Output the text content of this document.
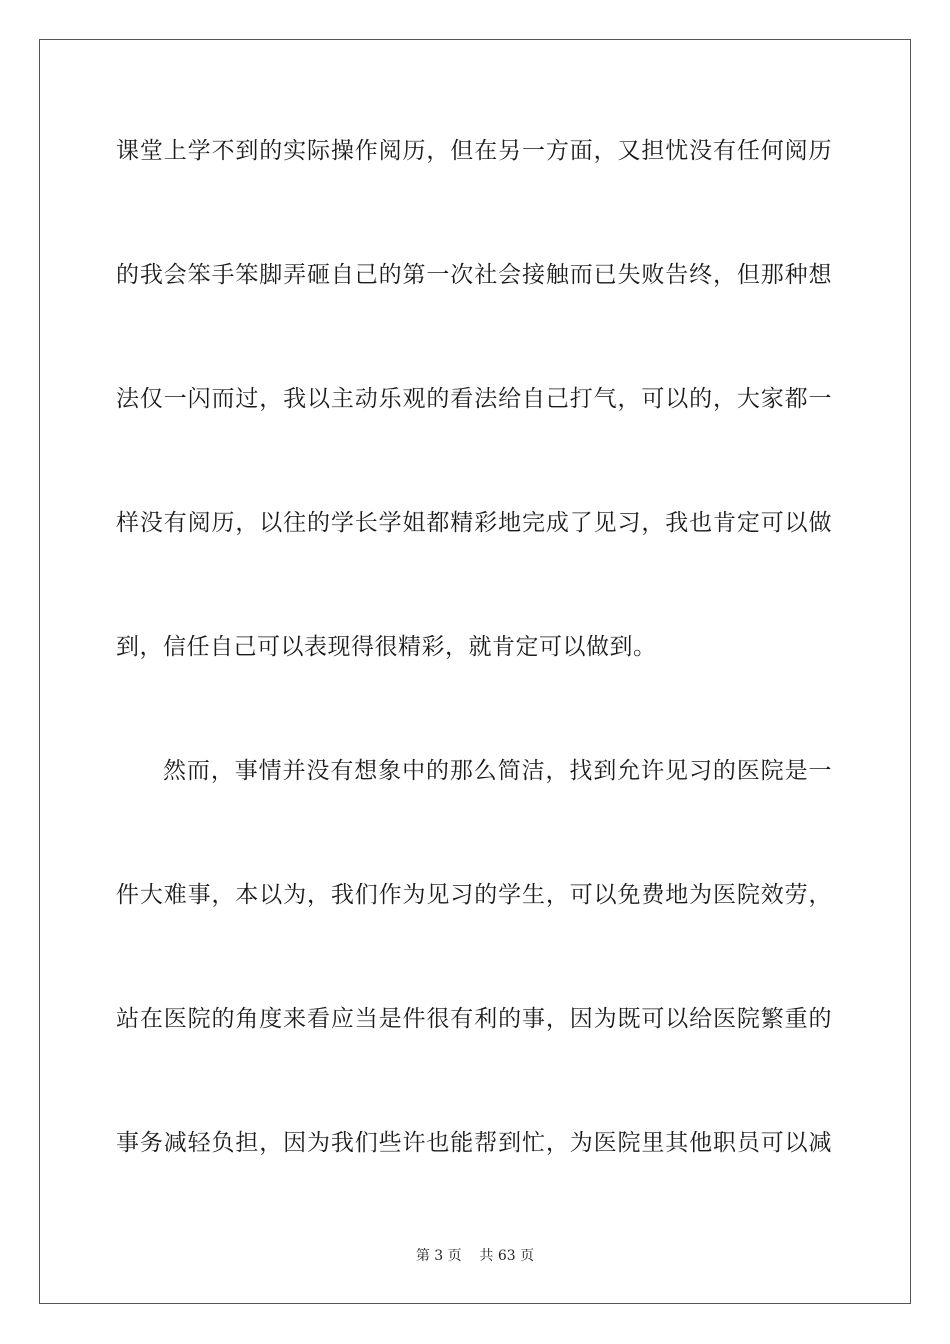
课堂上学不到的实际操作阅历，但在另一方面，又担忧没有任何阅历
的我会笨手笨脚弄砸自己的第一次社会接触而已失败告终，但那种想
法仅一闪而过，我以主动乐观的看法给自己打气，可以的，大家都一
样没有阅历，以往的学长学姐都精彩地完成了见习，我也肯定可以做
到，信任自己可以表现得很精彩，就肯定可以做到。
然而，事情并没有想象中的那么简洁，找到允许见习的医院是一
件大难事，本以为，我们作为见习的学生，可以免费地为医院效劳，
站在医院的角度来看应当是件很有利的事，因为既可以给医院繁重的
事务减轻负担，因为我们些许也能帮到忙，为医院里其他职员可以减
第 3 页    共 63 页
